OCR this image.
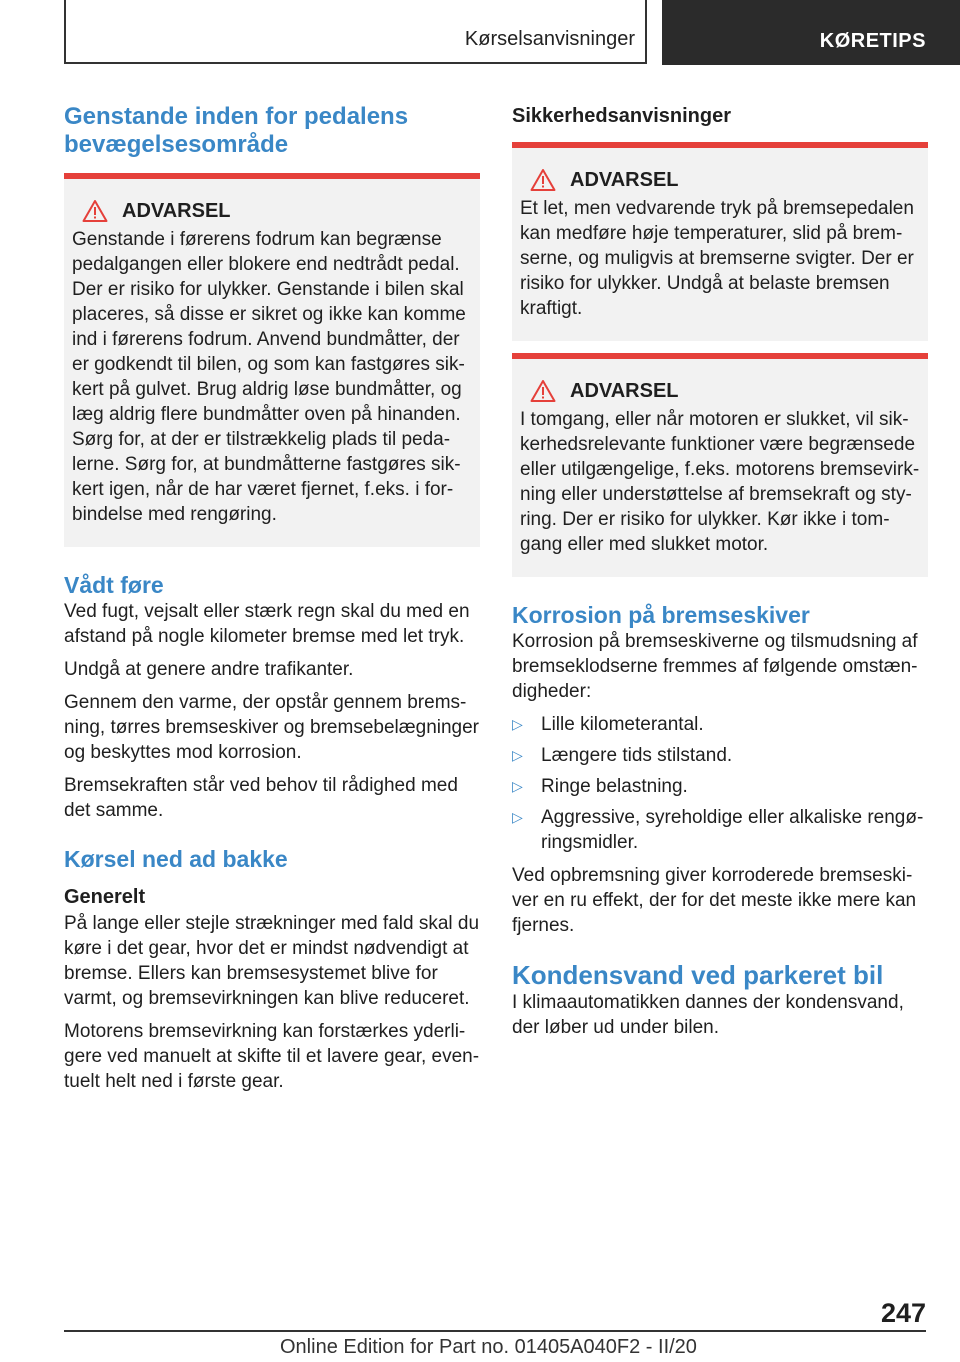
Kørselsanvisninger	KØRETIPS
Genstande inden for pedalens bevægelsesområde
ADVARSEL
Genstande i førerens fodrum kan begrænse pedalgangen eller blokere end nedtrådt pedal. Der er risiko for ulykker. Genstande i bilen skal placeres, så disse er sikret og ikke kan komme ind i førerens fodrum. Anvend bundmåtter, der er godkendt til bilen, og som kan fastgøres sikkert på gulvet. Brug aldrig løse bundmåtter, og læg aldrig flere bundmåtter oven på hinanden. Sørg for, at der er tilstrækkelig plads til pedalerne. Sørg for, at bundmåtterne fastgøres sikkert igen, når de har været fjernet, f.eks. i forbindelse med rengøring.
Vådt føre

Ved fugt, vejsalt eller stærk regn skal du med en afstand på nogle kilometer bremse med let tryk.

Undgå at genere andre trafikanter.

Gennem den varme, der opstår gennem bremsning, tørres bremseskiver og bremsebelægninger og beskyttes mod korrosion.

Bremsekraften står ved behov til rådighed med det samme.

Kørsel ned ad bakke
Generelt

På lange eller stejle strækninger med fald skal du køre i det gear, hvor det er mindst nødvendigt at bremse. Ellers kan bremsesystemet blive for varmt, og bremsevirkningen kan blive reduceret.

Motorens bremsevirkning kan forstærkes yderligere ved manuelt at skifte til et lavere gear, eventuelt helt ned i første gear.

Sikkerhedsanvisninger
ADVARSEL
Et let, men vedvarende tryk på bremsepedalen kan medføre høje temperaturer, slid på bremserne, og muligvis at bremserne svigter. Der er risiko for ulykker. Undgå at belaste bremsen kraftigt.
ADVARSEL
I tomgang, eller når motoren er slukket, vil sikkerhedsrelevante funktioner være begrænsede eller utilgængelige, f.eks. motorens bremsevirkning eller understøttelse af bremsekraft og styring. Der er risiko for ulykker. Kør ikke i tomgang eller med slukket motor.
Korrosion på bremseskiver

Korrosion på bremseskiverne og tilsmudsning af bremseklodserne fremmes af følgende omstændigheder:

▷ Lille kilometerantal.
▷ Længere tids stilstand.
▷ Ringe belastning.
▷ Aggressive, syreholdige eller alkaliske rengøringsmidler.

Ved opbremsning giver korroderede bremseskiver en ru effekt, der for det meste ikke mere kan fjernes.

Kondensvand ved parkeret bil

I klimaautomatikken dannes der kondensvand, der løber ud under bilen.

247
Online Edition for Part no. 01405A040F2 - II/20
